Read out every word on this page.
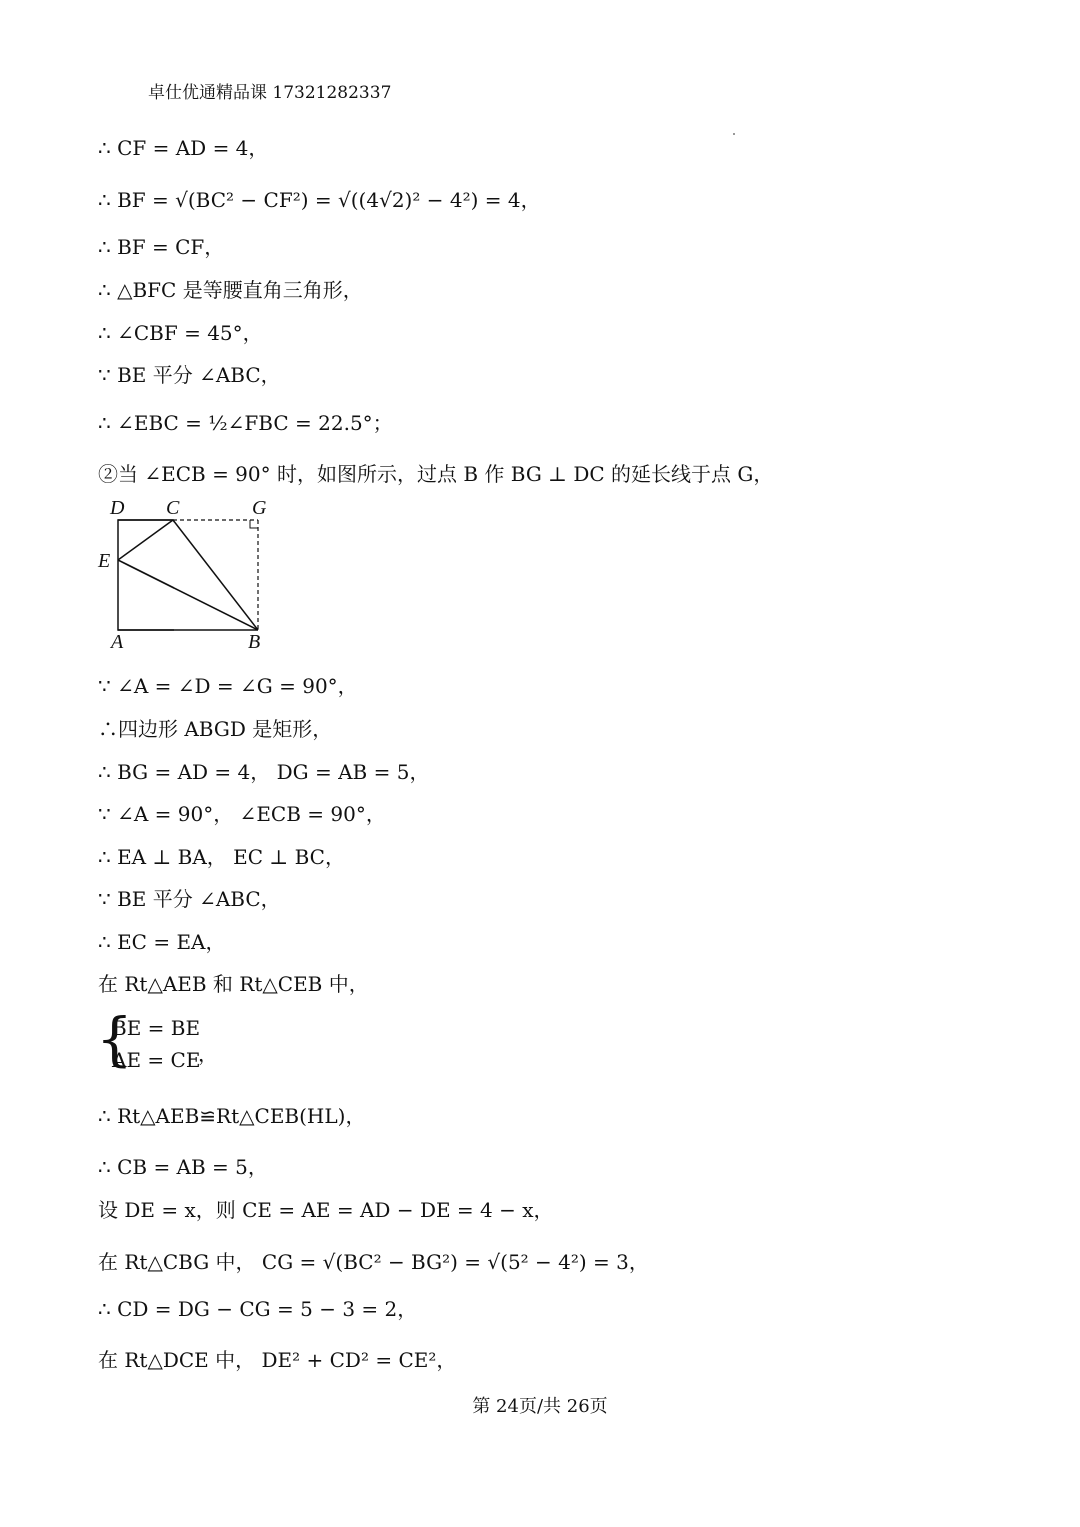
卓仕优通精品课 17321282337
∴ CF = AD = 4，
∴ BF = √(BC² − CF²) = √((4√2)² − 4²) = 4，
∴ BF = CF，
∴ △BFC 是等腰直角三角形，
∴ ∠CBF = 45°，
∵ BE 平分 ∠ABC，
∴ ∠EBC = ½∠FBC = 22.5°；
②当 ∠ECB = 90° 时，如图所示，过点 B 作 BG ⊥ DC 的延长线于点 G，
D C	G
E
A	B
∵ ∠A = ∠D = ∠G = 90°，
∴四边形 ABGD 是矩形，
∴ BG = AD = 4， DG = AB = 5，
∵ ∠A = 90°， ∠ECB = 90°，
∴ EA ⊥ BA， EC ⊥ BC，
∵ BE 平分 ∠ABC，
∴ EC = EA，
在 Rt△AEB 和 Rt△CEB 中，
{
BE = BE
AE = CE
，
∴ Rt△AEB≌Rt△CEB(HL)，
∴ CB = AB = 5，
设 DE = x，则 CE = AE = AD − DE = 4 − x，
在 Rt△CBG 中， CG = √(BC² − BG²) = √(5² − 4²) = 3，
∴ CD = DG − CG = 5 − 3 = 2，
在 Rt△DCE 中， DE² + CD² = CE²，
第 24页/共 26页
